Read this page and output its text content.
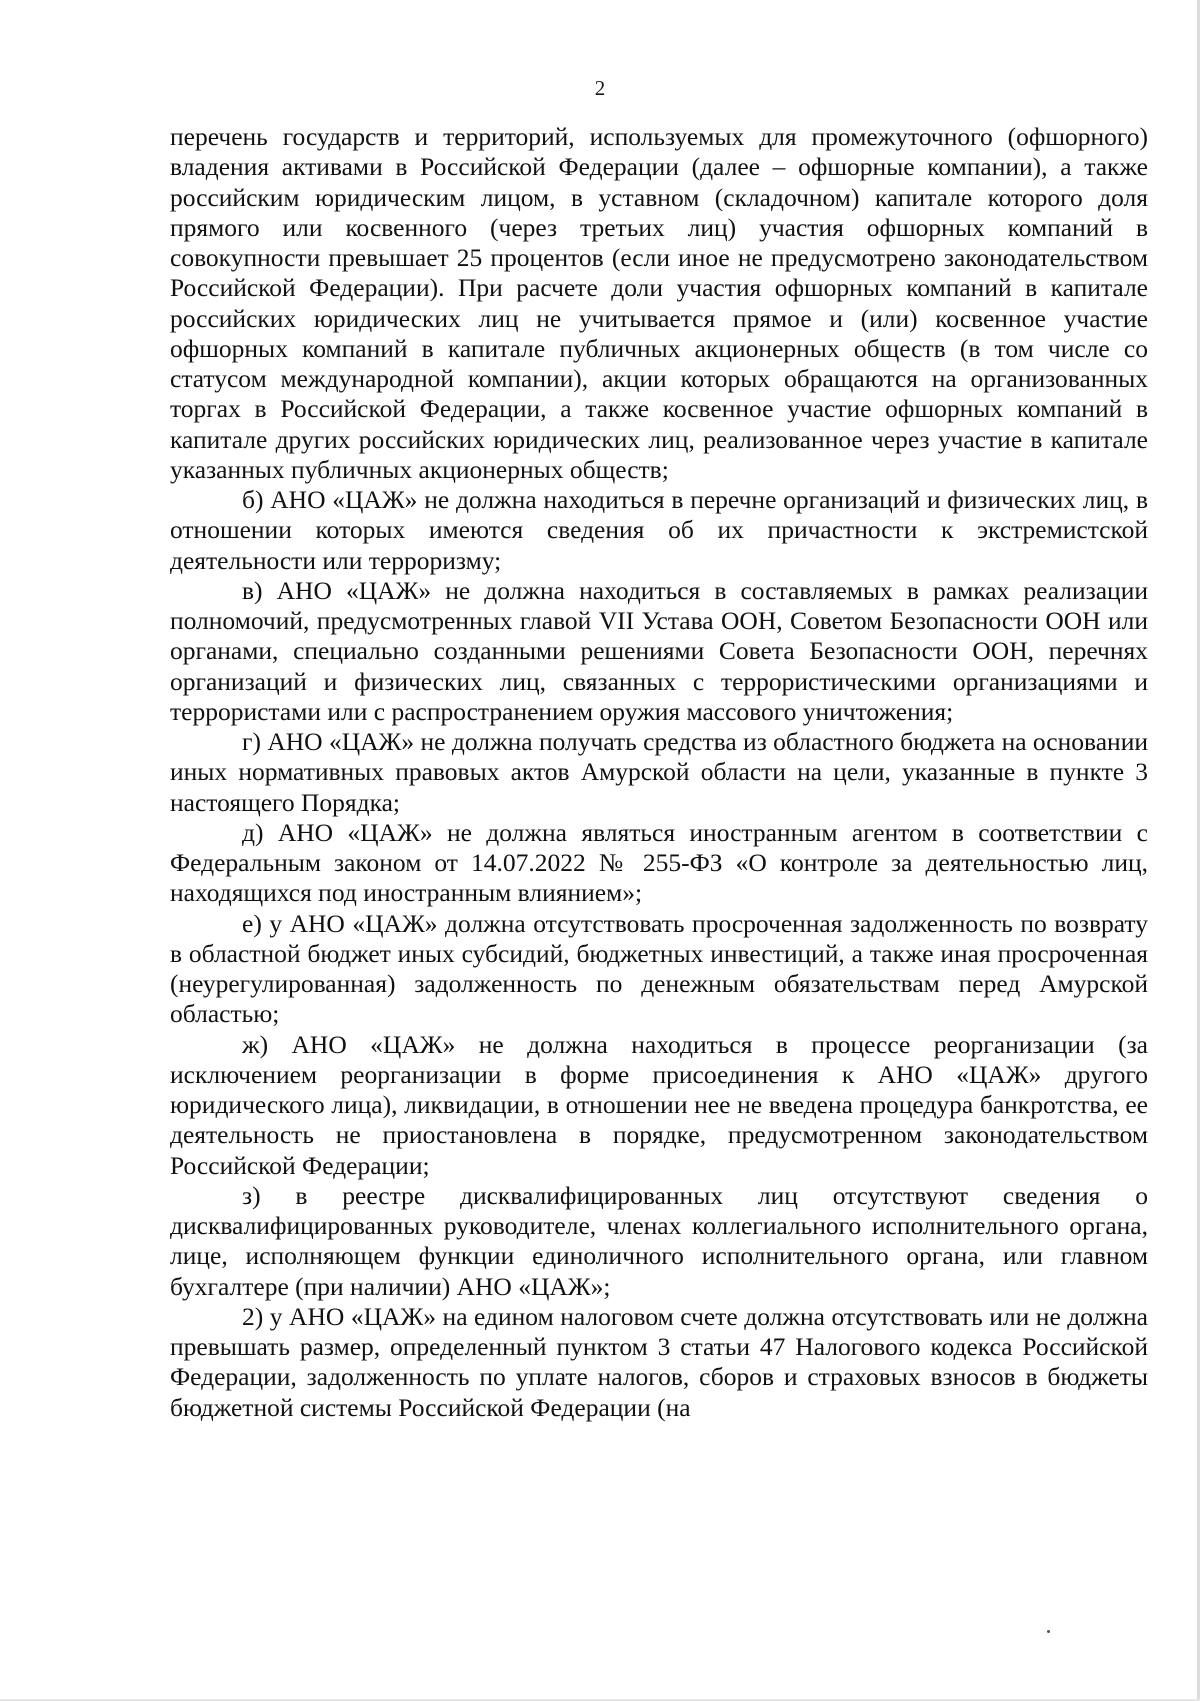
2

перечень государств и территорий, используемых для промежуточного (офшорного) владения активами в Российской Федерации (далее – офшорные компании), а также российским юридическим лицом, в уставном (складочном) капитале которого доля прямого или косвенного (через третьих лиц) участия офшорных компаний в совокупности превышает 25 процентов (если иное не предусмотрено законодательством Российской Федерации). При расчете доли участия офшорных компаний в капитале российских юридических лиц не учитывается прямое и (или) косвенное участие офшорных компаний в капитале публичных акционерных обществ (в том числе со статусом международной компании), акции которых обращаются на организованных торгах в Российской Федерации, а также косвенное участие офшорных компаний в капитале других российских юридических лиц, реализованное через участие в капитале указанных публичных акционерных обществ;

б) АНО «ЦАЖ» не должна находиться в перечне организаций и физических лиц, в отношении которых имеются сведения об их причастности к экстремистской деятельности или терроризму;

в) АНО «ЦАЖ» не должна находиться в составляемых в рамках реализации полномочий, предусмотренных главой VII Устава ООН, Советом Безопасности ООН или органами, специально созданными решениями Совета Безопасности ООН, перечнях организаций и физических лиц, связанных с террористическими организациями и террористами или с распространением оружия массового уничтожения;

г) АНО «ЦАЖ» не должна получать средства из областного бюджета на основании иных нормативных правовых актов Амурской области на цели, указанные в пункте 3 настоящего Порядка;

д) АНО «ЦАЖ» не должна являться иностранным агентом в соответствии с Федеральным законом от 14.07.2022 № 255-ФЗ «О контроле за деятельностью лиц, находящихся под иностранным влиянием»;

е) у АНО «ЦАЖ» должна отсутствовать просроченная задолженность по возврату в областной бюджет иных субсидий, бюджетных инвестиций, а также иная просроченная (неурегулированная) задолженность по денежным обязательствам перед Амурской областью;

ж) АНО «ЦАЖ» не должна находиться в процессе реорганизации (за исключением реорганизации в форме присоединения к АНО «ЦАЖ» другого юридического лица), ликвидации, в отношении нее не введена процедура банкротства, ее деятельность не приостановлена в порядке, предусмотренном законодательством Российской Федерации;

з) в реестре дисквалифицированных лиц отсутствуют сведения о дисквалифицированных руководителе, членах коллегиального исполнительного органа, лице, исполняющем функции единоличного исполнительного органа, или главном бухгалтере (при наличии) АНО «ЦАЖ»;

2) у АНО «ЦАЖ» на едином налоговом счете должна отсутствовать или не должна превышать размер, определенный пунктом 3 статьи 47 Налогового кодекса Российской Федерации, задолженность по уплате налогов, сборов и страховых взносов в бюджеты бюджетной системы Российской Федерации (на
